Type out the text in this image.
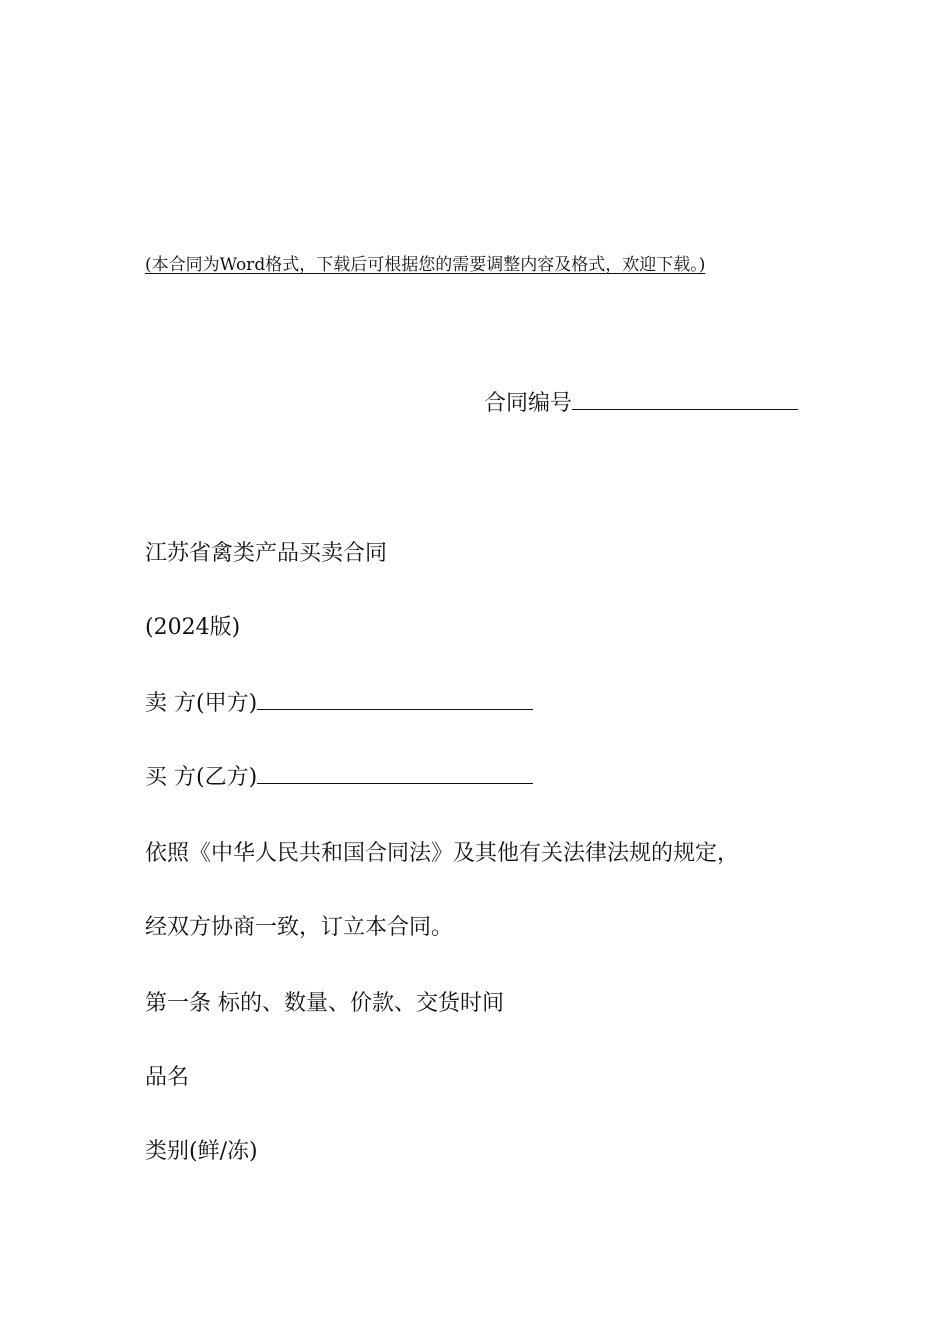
(本合同为Word格式，下载后可根据您的需要调整内容及格式，欢迎下载。)
合同编号
江苏省禽类产品买卖合同
(2024版)
卖 方(甲方)
买 方(乙方)
依照《中华人民共和国合同法》及其他有关法律法规的规定，
经双方协商一致，订立本合同。
第一条 标的、数量、价款、交货时间
品名
类别(鲜/冻)
